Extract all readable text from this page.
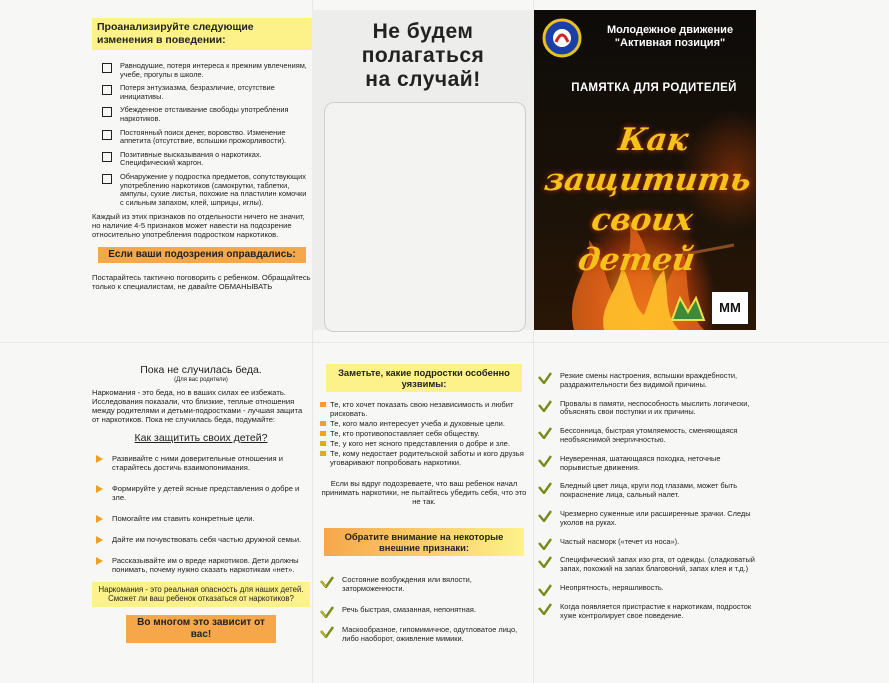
Проанализируйте следующие изменения в поведении:
Равнодушие, потеря интереса к прежним увлечениям, учебе, прогулы в школе.
Потеря энтузиазма, безразличие, отсутствие инициативы.
Убежденное отстаивание свободы употребления наркотиков.
Постоянный поиск денег, воровство. Изменение аппетита (отсутствие, вспышки прожорливости).
Позитивные высказывания о наркотиках. Специфический жаргон.
Обнаружение у подростка предметов, сопутствующих употреблению наркотиков (самокрутки, таблетки, ампулы, сухие листья, похожие на пластилин комочки с сильным запахом, клей, шприцы, иглы).
Каждый из этих признаков по отдельности ничего не значит, но наличие 4-5 признаков может навести на подозрение относительно употребления подростком наркотиков.
Если ваши подозрения оправдались:
Постарайтесь тактично поговорить с ребенком. Обращайтесь только к специалистам, не давайте ОБМАНЫВАТЬ
Не будем
полагаться
на случай!
Молодежное движение
"Активная позиция"
ПАМЯТКА ДЛЯ РОДИТЕЛЕЙ
Как защитить
своих детей
ММ
Пока не случилась беда.
(Для вас родители)
Наркомания - это беда, но в ваших силах ее избежать. Исследования показали, что близкие, теплые отношения между родителями и детьми-подростками - лучшая защита от наркотиков. Пока не случилась беда, подумайте:
Как защитить своих детей?
Развивайте с ними доверительные отношения и старайтесь достичь взаимопонимания.
Формируйте у детей ясные представления о добре и зле.
Помогайте им ставить конкретные цели.
Дайте им почувствовать себя частью дружной семьи.
Рассказывайте им о вреде наркотиков. Дети должны понимать, почему нужно сказать наркотикам «нет».
Наркомания - это реальная опасность для наших детей.
Сможет ли ваш ребенок отказаться от наркотиков?
Во многом это зависит от вас!
Заметьте, какие подростки особенно уязвимы:
Те, кто хочет показать свою независимость и любит рисковать.
Те, кого мало интересует учеба и духовные цели.
Те, кто противопоставляет себя обществу.
Те, у кого нет ясного представления о добре и зле.
Те, кому недостает родительской заботы и кого друзья уговаривают попробовать наркотики.
Если вы вдруг подозреваете, что ваш ребенок начал принимать наркотики, не пытайтесь убедить себя, что это не так.
Обратите внимание на некоторые внешние признаки:
Состояние возбуждения или вялости, заторможенности.
Речь быстрая, смазанная, непонятная.
Маскообразное, гипомимичное, одутловатое лицо, либо наоборот, оживление мимики.
Резкие смены настроения, вспышки враждебности, раздражительности без видимой причины.
Провалы в памяти, неспособность мыслить логически, объяснять свои поступки и их причины.
Бессонница, быстрая утомляемость, сменяющаяся необъяснимой энергичностью.
Неуверенная, шатающаяся походка, неточные порывистые движения.
Бледный цвет лица, круги под глазами, может быть покраснение лица, сальный налет.
Чрезмерно суженные или расширенные зрачки. Следы уколов на руках.
Частый насморк («течет из носа»).
Специфический запах изо рта, от одежды. (сладковатый запах, похожий на запах благовоний, запах клея и т.д.)
Неопрятность, неряшливость.
Когда появляется пристрастие к наркотикам, подросток хуже контролирует свое поведение.
